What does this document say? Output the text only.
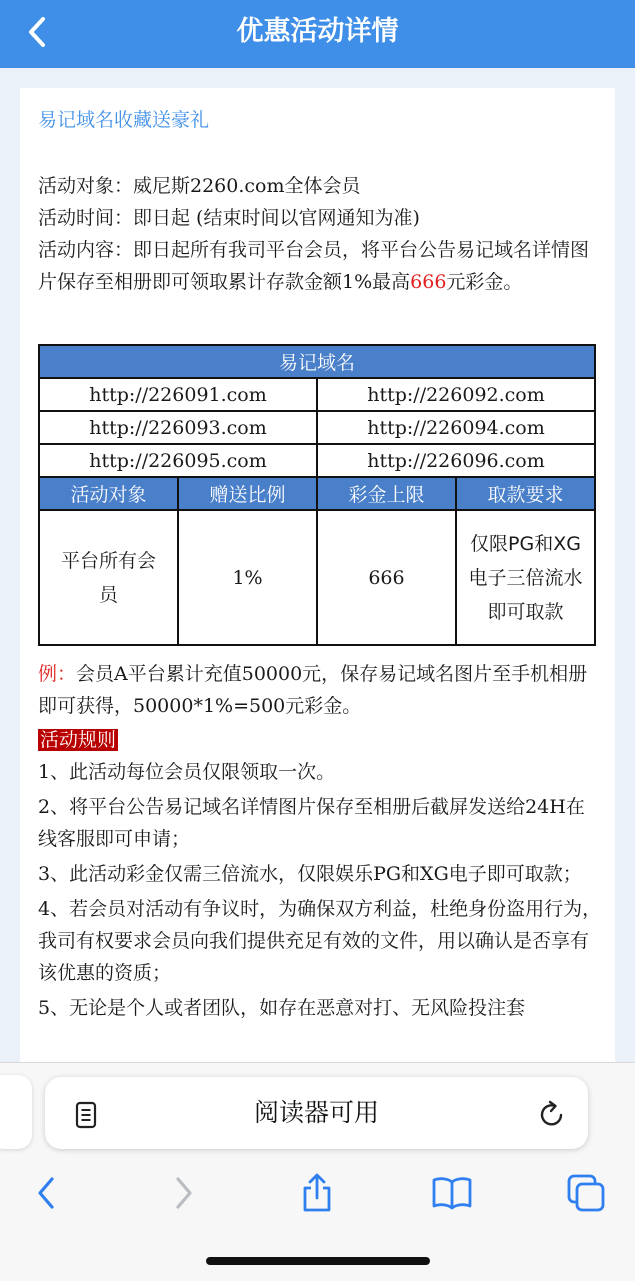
优惠活动详情
易记域名收藏送豪礼

活动对象：威尼斯2260.com全体会员

活动时间：即日起 (结束时间以官网通知为准)

活动内容：即日起所有我司平台会员，将平台公告易记域名详情图片保存至相册即可领取累计存款金额1%最高666元彩金。

易记域名			
http://226091.com		http://226092.com	
http://226093.com		http://226094.com	
http://226095.com		http://226096.com	
活动对象	赠送比例	彩金上限	取款要求
平台所有会员	1%	666	仅限PG和XG电子三倍流水即可取款

例：会员A平台累计充值50000元，保存易记域名图片至手机相册即可获得，50000*1%=500元彩金。

活动规则

1、此活动每位会员仅限领取一次。

2、将平台公告易记域名详情图片保存至相册后截屏发送给24H在线客服即可申请；

3、此活动彩金仅需三倍流水，仅限娱乐PG和XG电子即可取款；

4、若会员对活动有争议时，为确保双方利益，杜绝身份盗用行为，我司有权要求会员向我们提供充足有效的文件，用以确认是否享有该优惠的资质；

5、无论是个人或者团队，如存在恶意对打、无风险投注套

阅读器可用
